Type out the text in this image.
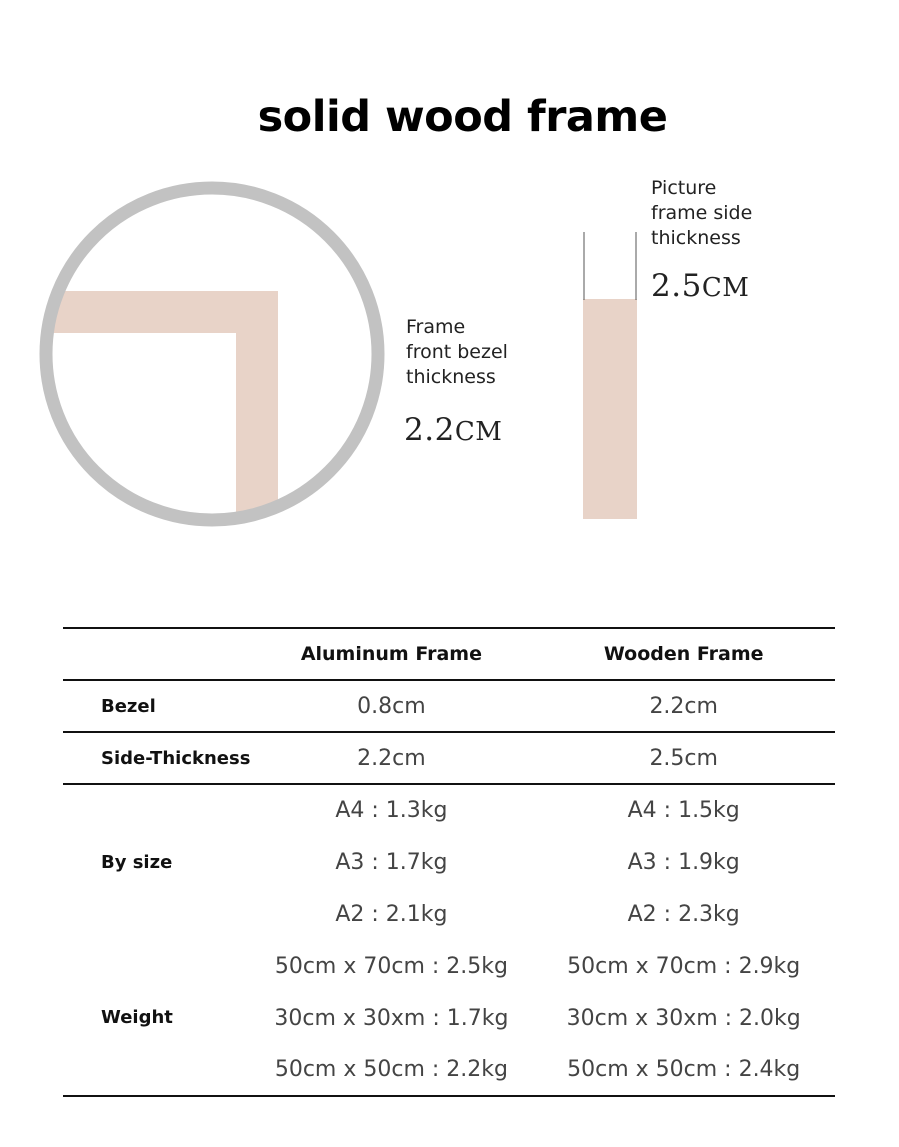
solid wood frame
Frame
front bezel
thickness
2.2CM
Picture
frame side
thickness
2.5CM
	Aluminum Frame	Wooden Frame
Bezel	0.8cm	2.2cm
Side-Thickness	2.2cm	2.5cm
By size	A4 : 1.3kg	A4 : 1.5kg
	A3 : 1.7kg	A3 : 1.9kg
	A2 : 2.1kg	A2 : 2.3kg
Weight	50cm x 70cm : 2.5kg	50cm x 70cm : 2.9kg
	30cm x 30xm : 1.7kg	30cm x 30xm : 2.0kg
	50cm x 50cm : 2.2kg	50cm x 50cm : 2.4kg
